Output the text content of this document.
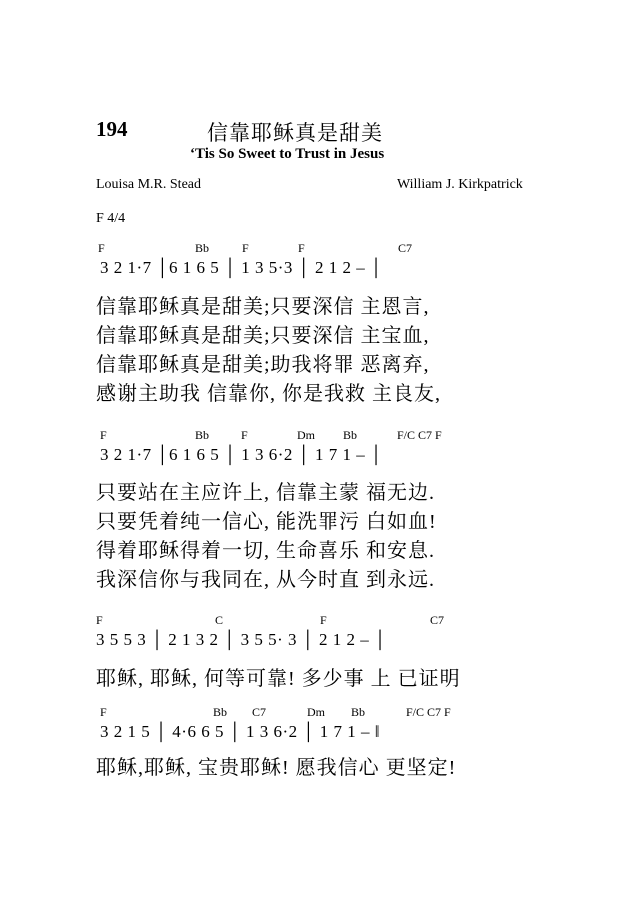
194	信靠耶稣真是甜美
‘Tis So Sweet to Trust in Jesus
Louisa M.R. Stead	William J. Kirkpatrick
F 4/4
F	Bb	F	F	C7
3 2 1·7 │6 1 6 5 │ 1 3 5·3 │ 2 1 2 – │
信靠耶稣真是甜美;只要深信 主恩言,
信靠耶稣真是甜美;只要深信 主宝血,
信靠耶稣真是甜美;助我将罪 恶离弃,
感谢主助我 信靠你, 你是我救 主良友,
F	Bb	F	Dm Bb	F/C C7 F
3 2 1·7 │6 1 6 5 │ 1 3 6·2 │ 1 7 1 – │
只要站在主应许上, 信靠主蒙 福无边.
只要凭着纯一信心, 能洗罪污 白如血!
得着耶稣得着一切, 生命喜乐 和安息.
我深信你与我同在, 从今时直 到永远.
F	C	F	C7
3 5 5 3 │ 2 1 3 2 │ 3 5 5· 3 │ 2 1 2 – │
耶稣, 耶稣, 何等可靠! 多少事 上 已证明
F	Bb C7	Dm Bb	F/C C7 F
3 2 1 5 │ 4·6 6 5 │ 1 3 6·2 │ 1 7 1 – ‖
耶稣,耶稣, 宝贵耶稣! 愿我信心 更坚定!
